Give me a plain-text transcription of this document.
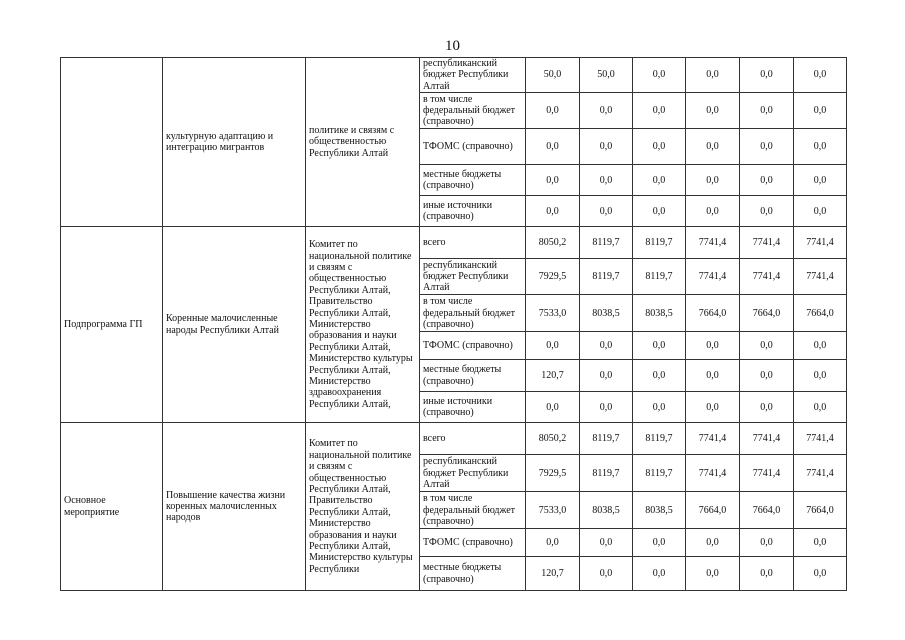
10
	культурную адаптацию и интеграцию мигрантов	политике и связям с общественностью Республики Алтай	республиканский бюджет Республики Алтай	50,0	50,0	0,0	0,0	0,0	0,0
			в том числе федеральный бюджет (справочно)	0,0	0,0	0,0	0,0	0,0	0,0
			ТФОМС (справочно)	0,0	0,0	0,0	0,0	0,0	0,0
			местные бюджеты (справочно)	0,0	0,0	0,0	0,0	0,0	0,0
			иные источники (справочно)	0,0	0,0	0,0	0,0	0,0	0,0
Подпрограмма ГП	Коренные малочисленные народы Республики Алтай	Комитет по национальной политике и связям с общественностью Республики Алтай, Правительство Республики Алтай, Министерство образования и науки Республики Алтай, Министерство культуры Республики Алтай, Министерство здравоохранения Республики Алтай,	всего	8050,2	8119,7	8119,7	7741,4	7741,4	7741,4
			республиканский бюджет Республики Алтай	7929,5	8119,7	8119,7	7741,4	7741,4	7741,4
			в том числе федеральный бюджет (справочно)	7533,0	8038,5	8038,5	7664,0	7664,0	7664,0
			ТФОМС (справочно)	0,0	0,0	0,0	0,0	0,0	0,0
			местные бюджеты (справочно)	120,7	0,0	0,0	0,0	0,0	0,0
			иные источники (справочно)	0,0	0,0	0,0	0,0	0,0	0,0
Основное мероприятие	Повышение качества жизни коренных малочисленных народов	Комитет по национальной политике и связям с общественностью Республики Алтай, Правительство Республики Алтай, Министерство образования и науки Республики Алтай, Министерство культуры Республики	всего	8050,2	8119,7	8119,7	7741,4	7741,4	7741,4
			республиканский бюджет Республики Алтай	7929,5	8119,7	8119,7	7741,4	7741,4	7741,4
			в том числе федеральный бюджет (справочно)	7533,0	8038,5	8038,5	7664,0	7664,0	7664,0
			ТФОМС (справочно)	0,0	0,0	0,0	0,0	0,0	0,0
			местные бюджеты (справочно)	120,7	0,0	0,0	0,0	0,0	0,0
